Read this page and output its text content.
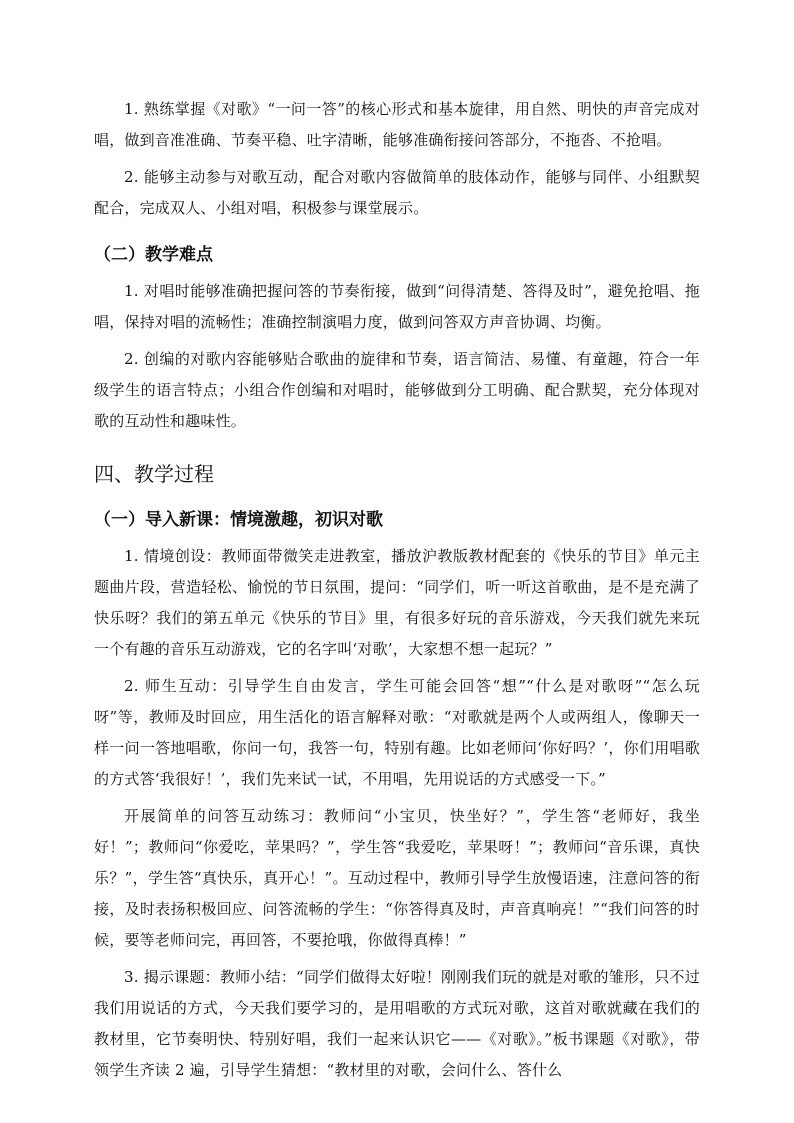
1. 熟练掌握《对歌》“一问一答”的核心形式和基本旋律，用自然、明快的声音完成对唱，做到音准准确、节奏平稳、吐字清晰，能够准确衔接问答部分，不拖沓、不抢唱。

2. 能够主动参与对歌互动，配合对歌内容做简单的肢体动作，能够与同伴、小组默契配合，完成双人、小组对唱，积极参与课堂展示。

（二）教学难点

1. 对唱时能够准确把握问答的节奏衔接，做到“问得清楚、答得及时”，避免抢唱、拖唱，保持对唱的流畅性；准确控制演唱力度，做到问答双方声音协调、均衡。

2. 创编的对歌内容能够贴合歌曲的旋律和节奏，语言简洁、易懂、有童趣，符合一年级学生的语言特点；小组合作创编和对唱时，能够做到分工明确、配合默契，充分体现对歌的互动性和趣味性。

四、教学过程
（一）导入新课：情境激趣，初识对歌

1. 情境创设：教师面带微笑走进教室，播放沪教版教材配套的《快乐的节目》单元主题曲片段，营造轻松、愉悦的节日氛围，提问：“同学们，听一听这首歌曲，是不是充满了快乐呀？我们的第五单元《快乐的节目》里，有很多好玩的音乐游戏，今天我们就先来玩一个有趣的音乐互动游戏，它的名字叫‘对歌’，大家想不想一起玩？”

2. 师生互动：引导学生自由发言，学生可能会回答“想”“什么是对歌呀”“怎么玩呀”等，教师及时回应，用生活化的语言解释对歌：“对歌就是两个人或两组人，像聊天一样一问一答地唱歌，你问一句，我答一句，特别有趣。比如老师问‘你好吗？’，你们用唱歌的方式答‘我很好！’，我们先来试一试，不用唱，先用说话的方式感受一下。”

开展简单的问答互动练习：教师问“小宝贝，快坐好？”，学生答“老师好，我坐好！”；教师问“你爱吃，苹果吗？”，学生答“我爱吃，苹果呀！”；教师问“音乐课，真快乐？”，学生答“真快乐，真开心！”。互动过程中，教师引导学生放慢语速，注意问答的衔接，及时表扬积极回应、问答流畅的学生：“你答得真及时，声音真响亮！”“我们问答的时候，要等老师问完，再回答，不要抢哦，你做得真棒！”

3. 揭示课题：教师小结：“同学们做得太好啦！刚刚我们玩的就是对歌的雏形，只不过我们用说话的方式，今天我们要学习的，是用唱歌的方式玩对歌，这首对歌就藏在我们的教材里，它节奏明快、特别好唱，我们一起来认识它——《对歌》。”板书课题《对歌》，带领学生齐读 2 遍，引导学生猜想：“教材里的对歌，会问什么、答什么
